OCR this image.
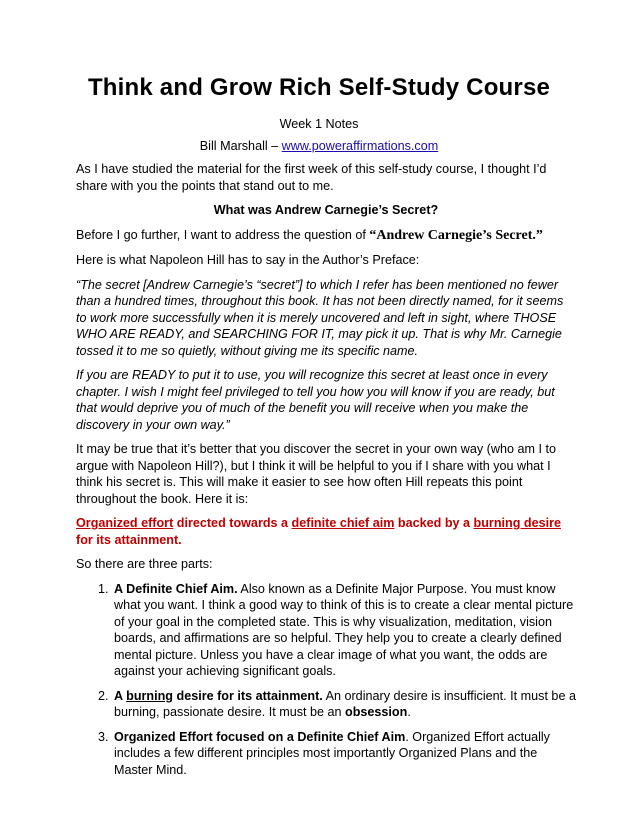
Think and Grow Rich Self-Study Course
Week 1 Notes
Bill Marshall – www.poweraffirmations.com

As I have studied the material for the first week of this self-study course, I thought I’d share with you the points that stand out to me.

What was Andrew Carnegie’s Secret?

Before I go further, I want to address the question of “Andrew Carnegie’s Secret.”

Here is what Napoleon Hill has to say in the Author’s Preface:

“The secret [Andrew Carnegie’s “secret”] to which I refer has been mentioned no fewer than a hundred times, throughout this book. It has not been directly named, for it seems to work more successfully when it is merely uncovered and left in sight, where THOSE WHO ARE READY, and SEARCHING FOR IT, may pick it up. That is why Mr. Carnegie tossed it to me so quietly, without giving me its specific name.

If you are READY to put it to use, you will recognize this secret at least once in every chapter. I wish I might feel privileged to tell you how you will know if you are ready, but that would deprive you of much of the benefit you will receive when you make the discovery in your own way.”

It may be true that it’s better that you discover the secret in your own way (who am I to argue with Napoleon Hill?), but I think it will be helpful to you if I share with you what I think his secret is. This will make it easier to see how often Hill repeats this point throughout the book. Here it is:

Organized effort directed towards a definite chief aim backed by a burning desire for its attainment.

So there are three parts:

1. A Definite Chief Aim. Also known as a Definite Major Purpose. You must know what you want. I think a good way to think of this is to create a clear mental picture of your goal in the completed state. This is why visualization, meditation, vision boards, and affirmations are so helpful. They help you to create a clearly defined mental picture. Unless you have a clear image of what you want, the odds are against your achieving significant goals.
2. A burning desire for its attainment. An ordinary desire is insufficient. It must be a burning, passionate desire. It must be an obsession.
3. Organized Effort focused on a Definite Chief Aim. Organized Effort actually includes a few different principles most importantly Organized Plans and the Master Mind.
